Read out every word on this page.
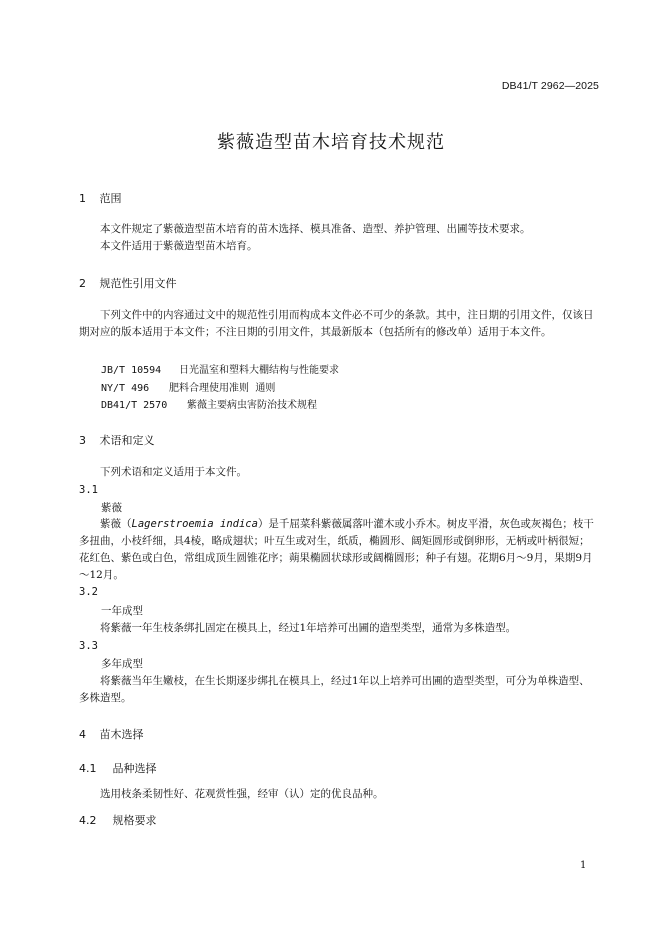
DB41/T 2962—2025
紫薇造型苗木培育技术规范
1 范围
本文件规定了紫薇造型苗木培育的苗木选择、模具准备、造型、养护管理、出圃等技术要求。
本文件适用于紫薇造型苗木培育。
2 规范性引用文件
下列文件中的内容通过文中的规范性引用而构成本文件必不可少的条款。其中，注日期的引用文件，仅该日期对应的版本适用于本文件；不注日期的引用文件，其最新版本（包括所有的修改单）适用于本文件。
JB/T 10594 日光温室和塑料大棚结构与性能要求
NY/T 496 肥料合理使用准则  通则
DB41/T 2570 紫薇主要病虫害防治技术规程
3 术语和定义
下列术语和定义适用于本文件。
3.1
紫薇
紫薇（Lagerstroemia indica）是千屈菜科紫薇属落叶灌木或小乔木。树皮平滑，灰色或灰褐色；枝干多扭曲，小枝纤细，具4棱，略成翅状；叶互生或对生，纸质，椭圆形、阔矩圆形或倒卵形，无柄或叶柄很短；花红色、紫色或白色，常组成顶生圆锥花序；蒴果椭圆状球形或阔椭圆形；种子有翅。花期6月～9月，果期9月～12月。
3.2
一年成型
将紫薇一年生枝条绑扎固定在模具上，经过1年培养可出圃的造型类型，通常为多株造型。
3.3
多年成型
将紫薇当年生嫩枝，在生长期逐步绑扎在模具上，经过1年以上培养可出圃的造型类型，可分为单株造型、多株造型。
4 苗木选择
4.1 品种选择
选用枝条柔韧性好、花观赏性强，经审（认）定的优良品种。
4.2 规格要求
1
